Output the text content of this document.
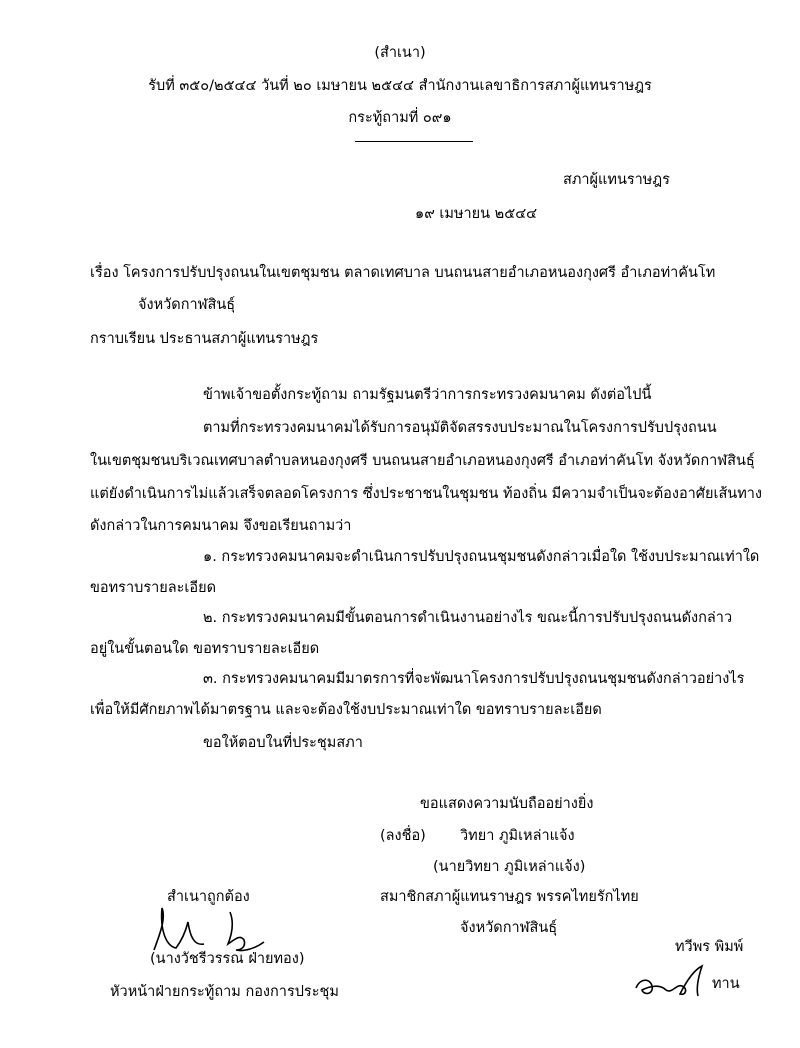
(สำเนา)
รับที่ ๓๕๐/๒๕๔๔ วันที่ ๒๐ เมษายน ๒๕๔๔ สำนักงานเลขาธิการสภาผู้แทนราษฎร
กระทู้ถามที่ ๐๙๑
สภาผู้แทนราษฎร
๑๙ เมษายน ๒๕๔๔
เรื่อง โครงการปรับปรุงถนนในเขตชุมชน ตลาดเทศบาล บนถนนสายอำเภอหนองกุงศรี อำเภอท่าคันโท
จังหวัดกาฬสินธุ์
กราบเรียน ประธานสภาผู้แทนราษฎร
ข้าพเจ้าขอตั้งกระทู้ถาม ถามรัฐมนตรีว่าการกระทรวงคมนาคม ดังต่อไปนี้
ตามที่กระทรวงคมนาคมได้รับการอนุมัติจัดสรรงบประมาณในโครงการปรับปรุงถนน
ในเขตชุมชนบริเวณเทศบาลตำบลหนองกุงศรี บนถนนสายอำเภอหนองกุงศรี อำเภอท่าคันโท จังหวัดกาฬสินธุ์
แต่ยังดำเนินการไม่แล้วเสร็จตลอดโครงการ ซึ่งประชาชนในชุมชน ท้องถิ่น มีความจำเป็นจะต้องอาศัยเส้นทาง
ดังกล่าวในการคมนาคม จึงขอเรียนถามว่า
๑. กระทรวงคมนาคมจะดำเนินการปรับปรุงถนนชุมชนดังกล่าวเมื่อใด ใช้งบประมาณเท่าใด
ขอทราบรายละเอียด
๒. กระทรวงคมนาคมมีขั้นตอนการดำเนินงานอย่างไร ขณะนี้การปรับปรุงถนนดังกล่าว
อยู่ในขั้นตอนใด ขอทราบรายละเอียด
๓. กระทรวงคมนาคมมีมาตรการที่จะพัฒนาโครงการปรับปรุงถนนชุมชนดังกล่าวอย่างไร
เพื่อให้มีศักยภาพได้มาตรฐาน และจะต้องใช้งบประมาณเท่าใด ขอทราบรายละเอียด
ขอให้ตอบในที่ประชุมสภา
ขอแสดงความนับถืออย่างยิ่ง
(ลงชื่อ) วิทยา ภูมิเหล่าแจ้ง
(นายวิทยา ภูมิเหล่าแจ้ง)
สมาชิกสภาผู้แทนราษฎร พรรคไทยรักไทย
จังหวัดกาฬสินธุ์
สำเนาถูกต้อง
(นางวัชรีวรรณ ฝ่ายทอง)
หัวหน้าฝ่ายกระทู้ถาม กองการประชุม
ทวีพร พิมพ์
ทาน
